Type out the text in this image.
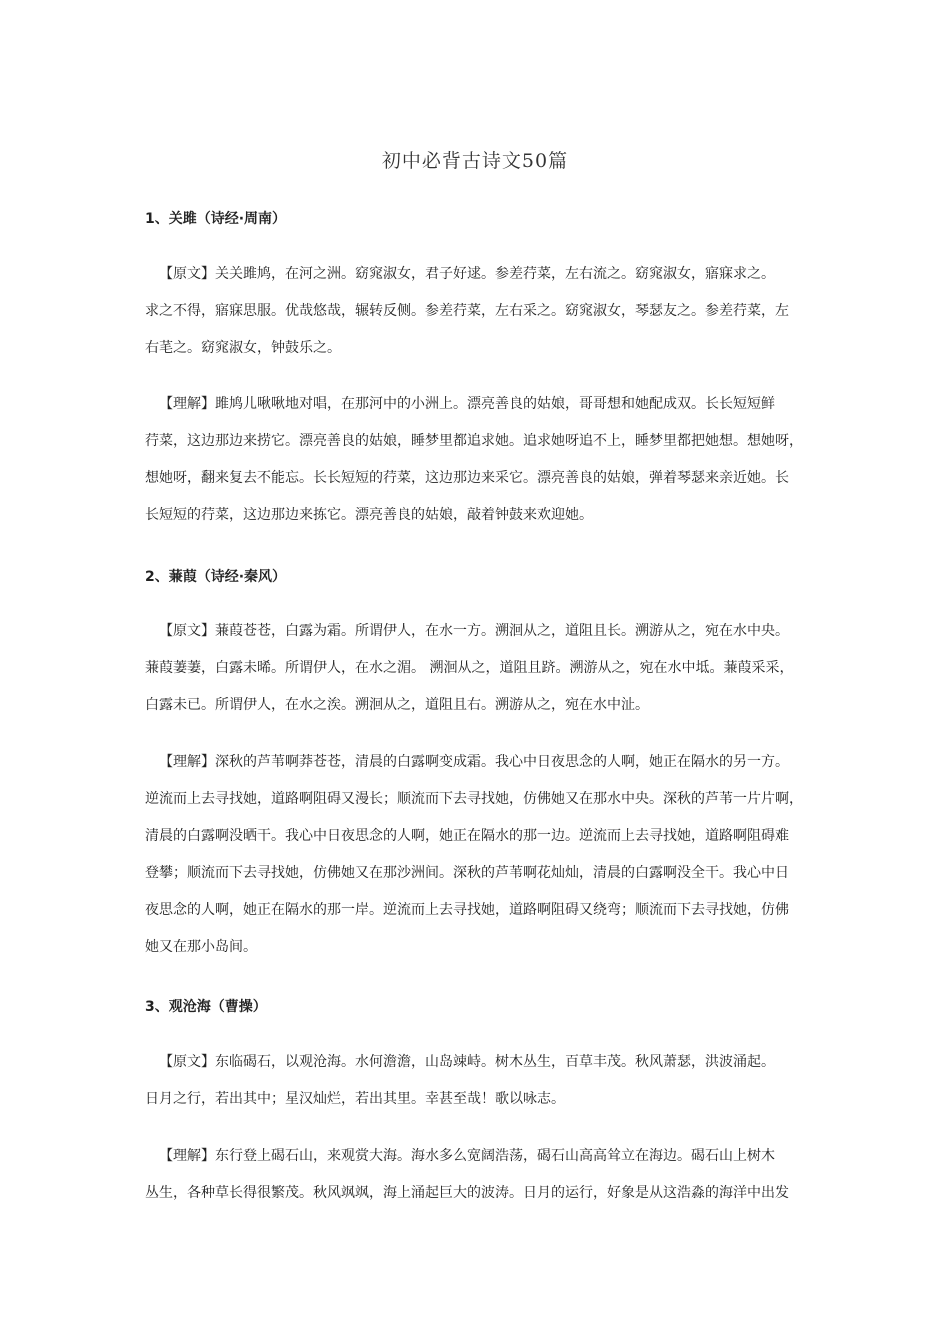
初中必背古诗文50篇
1、关雎（诗经·周南）
【原文】关关雎鸠，在河之洲。窈窕淑女，君子好逑。参差荇菜，左右流之。窈窕淑女，寤寐求之。
求之不得，寤寐思服。优哉悠哉，辗转反侧。参差荇菜，左右采之。窈窕淑女，琴瑟友之。参差荇菜，左
右芼之。窈窕淑女，钟鼓乐之。
【理解】雎鸠儿啾啾地对唱，在那河中的小洲上。漂亮善良的姑娘，哥哥想和她配成双。长长短短鲜
荇菜，这边那边来捞它。漂亮善良的姑娘，睡梦里都追求她。追求她呀追不上，睡梦里都把她想。想她呀，
想她呀，翻来复去不能忘。长长短短的荇菜，这边那边来采它。漂亮善良的姑娘，弹着琴瑟来亲近她。长
长短短的荇菜，这边那边来拣它。漂亮善良的姑娘，敲着钟鼓来欢迎她。
2、蒹葭（诗经·秦风）
【原文】蒹葭苍苍，白露为霜。所谓伊人，在水一方。溯洄从之，道阻且长。溯游从之，宛在水中央。
蒹葭萋萋，白露未晞。所谓伊人，在水之湄。 溯洄从之，道阻且跻。溯游从之，宛在水中坻。蒹葭采采，
白露未已。所谓伊人，在水之涘。溯洄从之，道阻且右。溯游从之，宛在水中沚。
【理解】深秋的芦苇啊莽苍苍，清晨的白露啊变成霜。我心中日夜思念的人啊，她正在隔水的另一方。
逆流而上去寻找她，道路啊阻碍又漫长；顺流而下去寻找她，仿佛她又在那水中央。深秋的芦苇一片片啊，
清晨的白露啊没晒干。我心中日夜思念的人啊，她正在隔水的那一边。逆流而上去寻找她，道路啊阻碍难
登攀；顺流而下去寻找她，仿佛她又在那沙洲间。深秋的芦苇啊花灿灿，清晨的白露啊没全干。我心中日
夜思念的人啊，她正在隔水的那一岸。逆流而上去寻找她，道路啊阻碍又绕弯；顺流而下去寻找她，仿佛
她又在那小岛间。
3、观沧海（曹操）
【原文】东临碣石，以观沧海。水何澹澹，山岛竦峙。树木丛生，百草丰茂。秋风萧瑟，洪波涌起。
日月之行，若出其中；星汉灿烂，若出其里。幸甚至哉！歌以咏志。
【理解】东行登上碣石山，来观赏大海。海水多么宽阔浩荡，碣石山高高耸立在海边。碣石山上树木
丛生，各种草长得很繁茂。秋风飒飒，海上涌起巨大的波涛。日月的运行，好象是从这浩淼的海洋中出发
